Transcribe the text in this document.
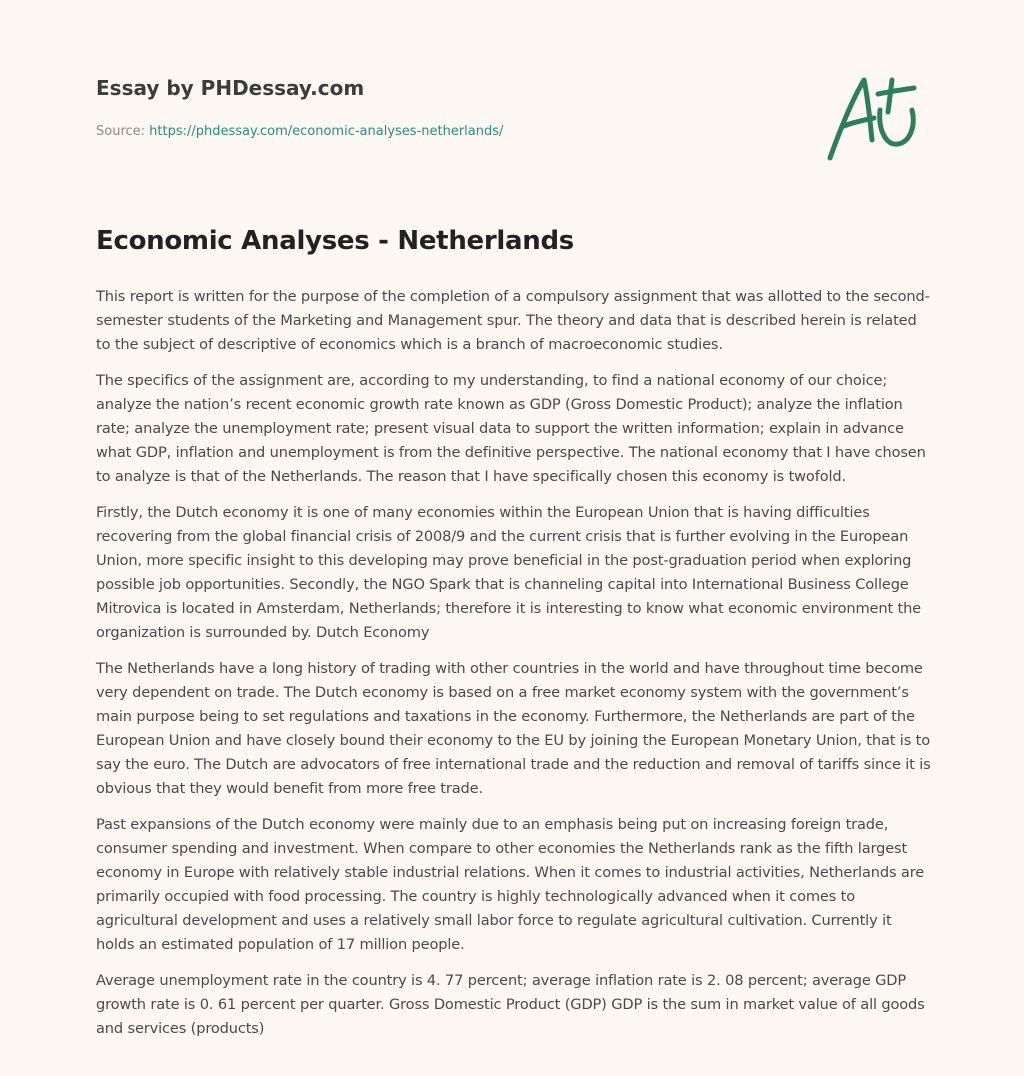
Essay by PHDessay.com
Source: https://phdessay.com/economic-analyses-netherlands/
Economic Analyses - Netherlands

This report is written for the purpose of the completion of a compulsory assignment that was allotted to the second-semester students of the Marketing and Management spur. The theory and data that is described herein is related to the subject of descriptive of economics which is a branch of macroeconomic studies.

The specifics of the assignment are, according to my understanding, to find a national economy of our choice; analyze the nation’s recent economic growth rate known as GDP (Gross Domestic Product); analyze the inflation rate; analyze the unemployment rate; present visual data to support the written information; explain in advance what GDP, inflation and unemployment is from the definitive perspective. The national economy that I have chosen to analyze is that of the Netherlands. The reason that I have specifically chosen this economy is twofold.

Firstly, the Dutch economy it is one of many economies within the European Union that is having difficulties recovering from the global financial crisis of 2008/9 and the current crisis that is further evolving in the European Union, more specific insight to this developing may prove beneficial in the post-graduation period when exploring possible job opportunities. Secondly, the NGO Spark that is channeling capital into International Business College Mitrovica is located in Amsterdam, Netherlands; therefore it is interesting to know what economic environment the organization is surrounded by. Dutch Economy

The Netherlands have a long history of trading with other countries in the world and have throughout time become very dependent on trade. The Dutch economy is based on a free market economy system with the government’s main purpose being to set regulations and taxations in the economy. Furthermore, the Netherlands are part of the European Union and have closely bound their economy to the EU by joining the European Monetary Union, that is to say the euro. The Dutch are advocators of free international trade and the reduction and removal of tariffs since it is obvious that they would benefit from more free trade.

Past expansions of the Dutch economy were mainly due to an emphasis being put on increasing foreign trade, consumer spending and investment. When compare to other economies the Netherlands rank as the fifth largest economy in Europe with relatively stable industrial relations. When it comes to industrial activities, Netherlands are primarily occupied with food processing. The country is highly technologically advanced when it comes to agricultural development and uses a relatively small labor force to regulate agricultural cultivation. Currently it holds an estimated population of 17 million people.

Average unemployment rate in the country is 4. 77 percent; average inflation rate is 2. 08 percent; average GDP growth rate is 0. 61 percent per quarter. Gross Domestic Product (GDP) GDP is the sum in market value of all goods and services (products)
